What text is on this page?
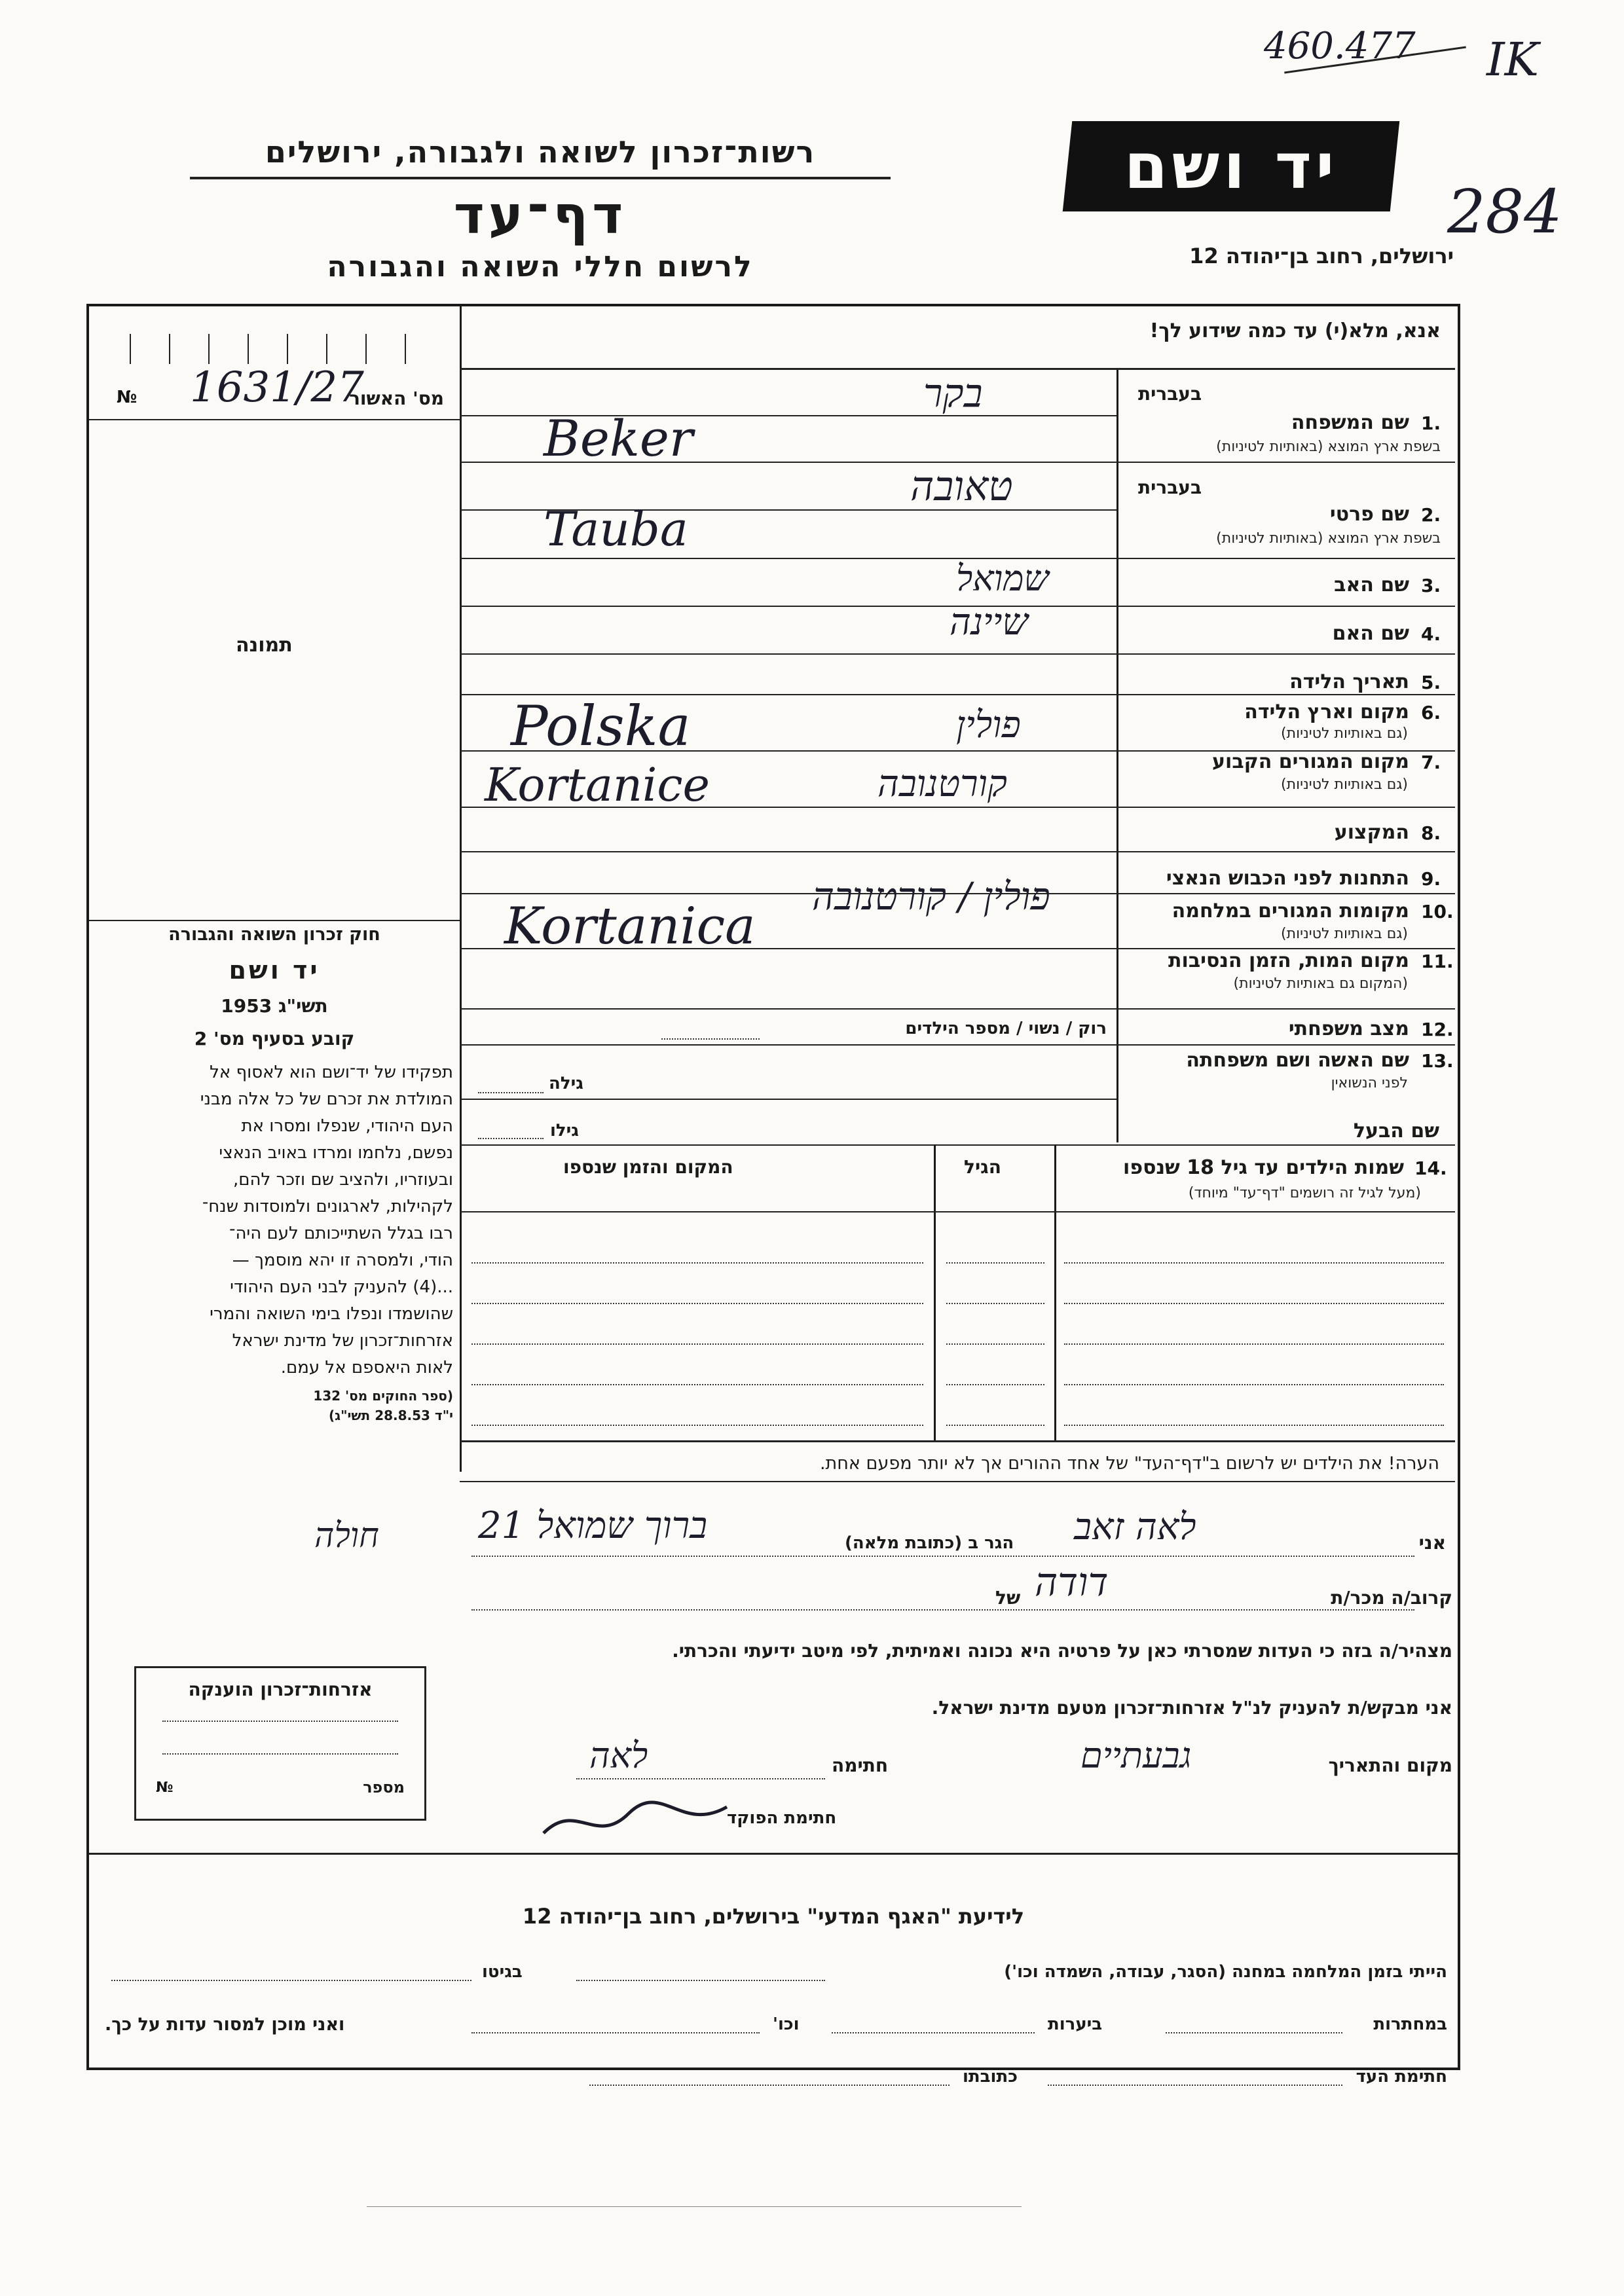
460.477 IK
284
יד ושם
ירושלים, רחוב בן־יהודה 12
רשות־זכרון לשואה ולגבורה, ירושלים
דף־עד
לרשום חללי השואה והגבורה
אנא, מלא(י) עד כמה שידוע לך!
№ 1631/27
מס' האשור
תמונה
בעברית
1.
שם המשפחה
בשפת ארץ המוצא (באותיות לטיניות)
בקר
Beker
בעברית
2.
שם פרטי
בשפת ארץ המוצא (באותיות לטיניות)
טאובה
Tauba
3.
שם האב
שמואל
4.
שם האם
שיינה
5.
תאריך הלידה
6.
מקום וארץ הלידה
(גם באותיות לטיניות)
Polska	פולין
7.
מקום המגורים הקבוע
(גם באותיות לטיניות)
Kortanice	קורטנובה
8.
המקצוע
9.
התחנות לפני הכבוש הנאצי
10.
מקומות המגורים במלחמה
(גם באותיות לטיניות)
Kortanica
פולין / קורטנובה
11.
מקום המות, הזמן הנסיבות
(המקום גם באותיות לטיניות)
12.
מצב משפחתי
רוק / נשוי / מספר הילדים
13.
שם האשה ושם משפחתה
לפני הנשואין
גילה
שם הבעל
גילו
14.
שמות הילדים עד גיל 18 שנספו
(מעל לגיל זה רושמים "דף־עד" מיוחד)
הגיל
המקום והזמן שנספו
חוק זכרון השואה והגבורה
יד ושם
תשי"ג 1953
קובע בסעיף מס' 2
תפקידו של יד־ושם הוא לאסוף אל
המולדת את זכרם של כל אלה מבני
העם היהודי, שנפלו ומסרו את
נפשם, נלחמו ומרדו באויב הנאצי
ובעוזריו, ולהציב שם וזכר להם,
לקהילות, לארגונים ולמוסדות שנח־
רבו בגלל השתייכותם לעם היה־
הודי, ולמסרה זו יהא מוסמך —
...(4) להעניק לבני העם היהודי
שהושמדו ונפלו בימי השואה והמרי
אזרחות־זכרון של מדינת ישראל
לאות היאספם אל עמם.
(ספר החוקים מס' 132
י"ד 28.8.53 תשי"ג)
הערה! את הילדים יש לרשום ב"דף־העד" של אחד ההורים אך לא יותר מפעם אחת.
אני
לאה זאב
הגר ב (כתובת מלאה)
ברוך שמואל 21
חולה
קרוב/ה מכר/ת
דודה
של
מצהיר/ה בזה כי העדות שמסרתי כאן על פרטיה היא נכונה ואמיתית, לפי מיטב ידיעתי והכרתי.
אני מבקש/ת להעניק לנ"ל אזרחות־זכרון מטעם מדינת ישראל.
מקום והתאריך
גבעתיים
חתימה
לאה
חתימת הפוקד
אזרחות־זכרון הוענקה
מספר
№
לידיעת "האגף המדעי" בירושלים, רחוב בן־יהודה 12
הייתי בזמן המלחמה במחנה (הסגר, עבודה, השמדה וכו')
בגיטו
במחתרות
ביערות
וכו'
ואני מוכן למסור עדות על כך.
חתימת העד
כתובתו
